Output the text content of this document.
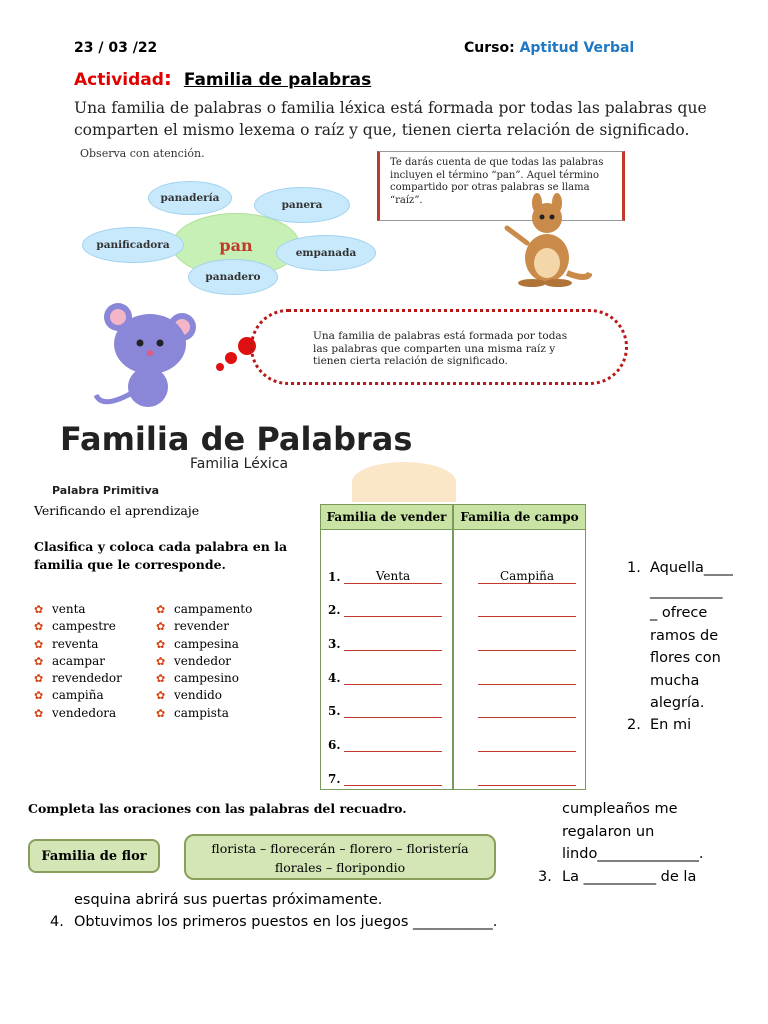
23 / 03 /22	Curso: Aptitud Verbal
Actividad: Familia de palabras
Una familia de palabras o familia léxica está formada por todas las palabras que comparten el mismo lexema o raíz y que, tienen cierta relación de significado.
Observa con atención.
pan
panadería
panera
panificadora
empanada
panadero
Te darás cuenta de que todas las palabras incluyen el término “pan”. Aquel término compartido por otras palabras se llama “raíz”.
Una familia de palabras está formada por todas las palabras que comparten una misma raíz y tienen cierta relación de significado.
Familia de Palabras
Familia Léxica
Palabra Primitiva
Verificando el aprendizaje
Clasifica y coloca cada palabra en la familia que le corresponde.
✿ venta
✿ campestre
✿ reventa
✿ acampar
✿ revendedor
✿ campiña
✿ vendedora
✿ campamento
✿ revender
✿ campesina
✿ vendedor
✿ campesino
✿ vendido
✿ campista
Familia de vender	Familia de campo
1.	Venta	Campiña
2.
3.
4.
5.
6.
7.
1. Aquella____
__________
_ ofrece
ramos de
flores con
mucha
alegría.
2. En mi
Completa las oraciones con las palabras del recuadro.
Familia de flor	florista – florecerán – florero – floristería
florales – floripondio
cumpleaños me
regalaron un
lindo______________.
3. La __________ de la
esquina abrirá sus puertas próximamente.
4. Obtuvimos los primeros puestos en los juegos ___________.
